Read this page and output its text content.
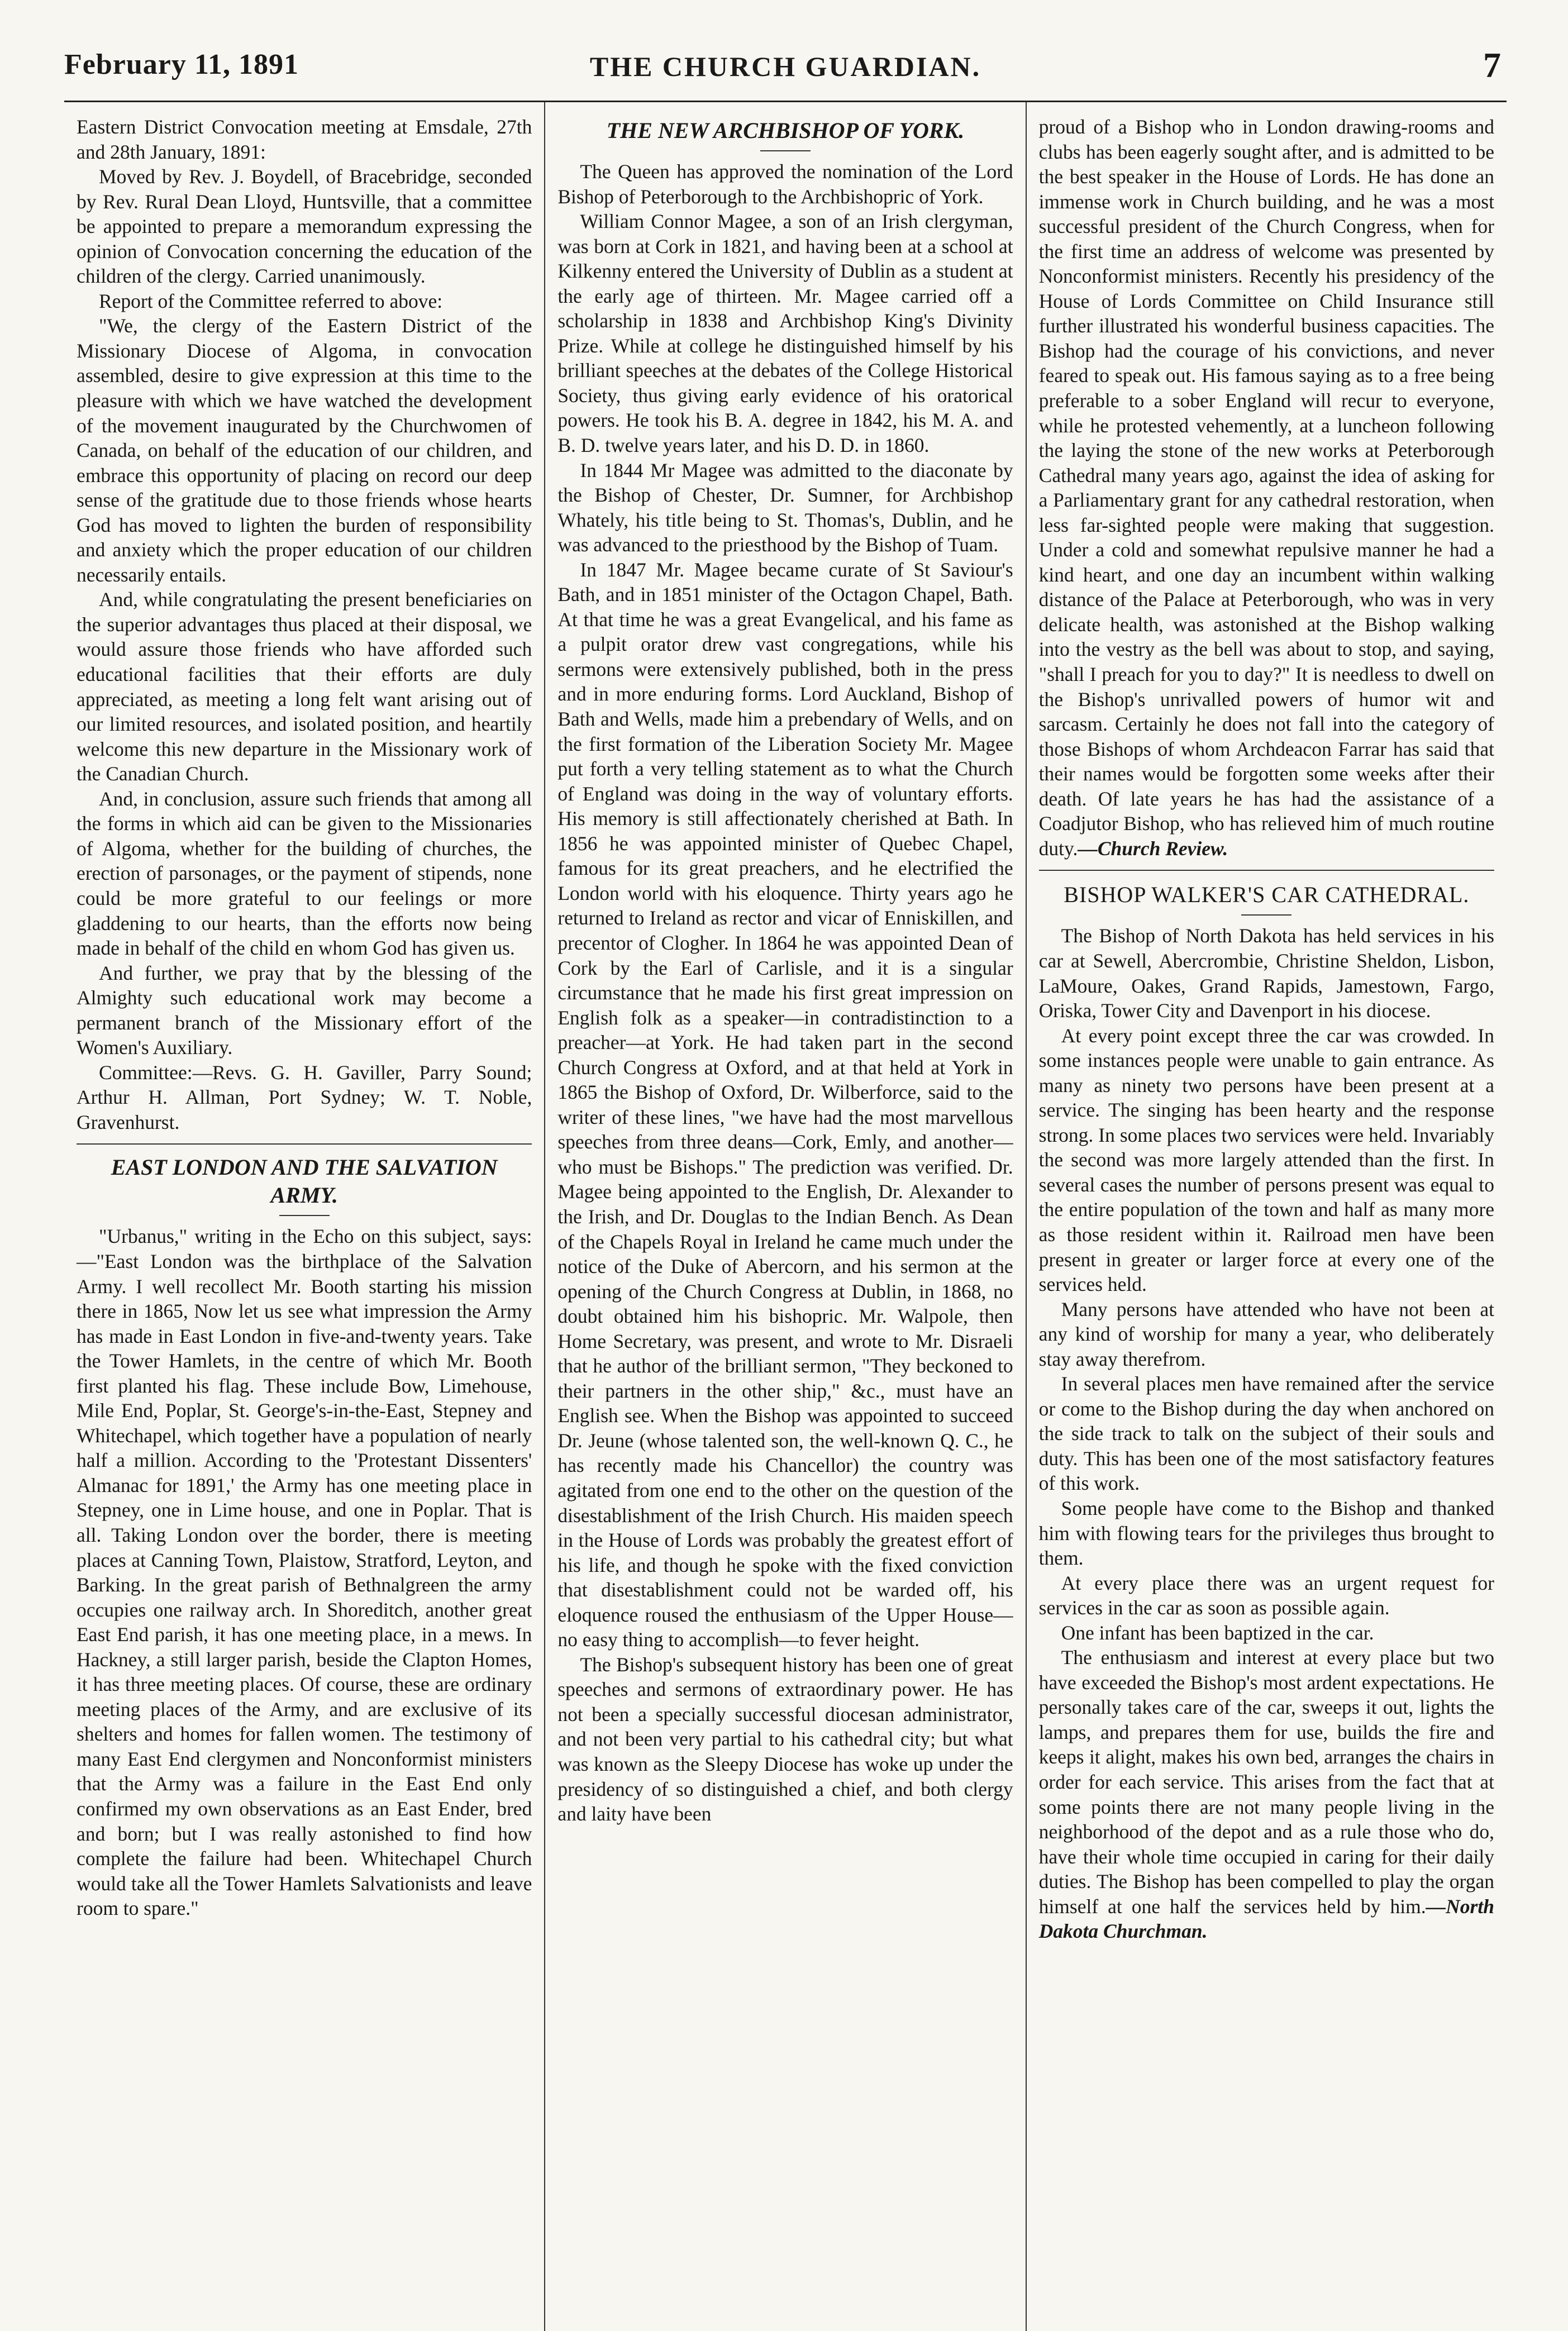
February 11, 1891	THE CHURCH GUARDIAN.	7

Eastern District Convocation meeting at Emsdale, 27th and 28th January, 1891:

Moved by Rev. J. Boydell, of Bracebridge, seconded by Rev. Rural Dean Lloyd, Huntsville, that a committee be appointed to prepare a memorandum expressing the opinion of Convocation concerning the education of the children of the clergy. Carried unanimously.

Report of the Committee referred to above:

"We, the clergy of the Eastern District of the Missionary Diocese of Algoma, in convocation assembled, desire to give expression at this time to the pleasure with which we have watched the development of the movement inaugurated by the Churchwomen of Canada, on behalf of the education of our children, and embrace this opportunity of placing on record our deep sense of the gratitude due to those friends whose hearts God has moved to lighten the burden of responsibility and anxiety which the proper education of our children necessarily entails.

And, while congratulating the present beneficiaries on the superior advantages thus placed at their disposal, we would assure those friends who have afforded such educational facilities that their efforts are duly appreciated, as meeting a long felt want arising out of our limited resources, and isolated position, and heartily welcome this new departure in the Missionary work of the Canadian Church.

And, in conclusion, assure such friends that among all the forms in which aid can be given to the Missionaries of Algoma, whether for the building of churches, the erection of parsonages, or the payment of stipends, none could be more grateful to our feelings or more gladdening to our hearts, than the efforts now being made in behalf of the child en whom God has given us.

And further, we pray that by the blessing of the Almighty such educational work may become a permanent branch of the Missionary effort of the Women's Auxiliary.

Committee:—Revs. G. H. Gaviller, Parry Sound; Arthur H. Allman, Port Sydney; W. T. Noble, Gravenhurst.

EAST LONDON AND THE SALVATION ARMY.

"Urbanus," writing in the Echo on this subject, says:—"East London was the birthplace of the Salvation Army. I well recollect Mr. Booth starting his mission there in 1865, Now let us see what impression the Army has made in East London in five-and-twenty years. Take the Tower Hamlets, in the centre of which Mr. Booth first planted his flag. These include Bow, Limehouse, Mile End, Poplar, St. George's-in-the-East, Stepney and Whitechapel, which together have a population of nearly half a million. According to the 'Protestant Dissenters' Almanac for 1891,' the Army has one meeting place in Stepney, one in Lime house, and one in Poplar. That is all. Taking London over the border, there is meeting places at Canning Town, Plaistow, Stratford, Leyton, and Barking. In the great parish of Bethnalgreen the army occupies one railway arch. In Shoreditch, another great East End parish, it has one meeting place, in a mews. In Hackney, a still larger parish, beside the Clapton Homes, it has three meeting places. Of course, these are ordinary meeting places of the Army, and are exclusive of its shelters and homes for fallen women. The testimony of many East End clergymen and Nonconformist ministers that the Army was a failure in the East End only confirmed my own observations as an East Ender, bred and born; but I was really astonished to find how complete the failure had been. Whitechapel Church would take all the Tower Hamlets Salvationists and leave room to spare."

THE NEW ARCHBISHOP OF YORK.

The Queen has approved the nomination of the Lord Bishop of Peterborough to the Archbishopric of York.

William Connor Magee, a son of an Irish clergyman, was born at Cork in 1821, and having been at a school at Kilkenny entered the University of Dublin as a student at the early age of thirteen. Mr. Magee carried off a scholarship in 1838 and Archbishop King's Divinity Prize. While at college he distinguished himself by his brilliant speeches at the debates of the College Historical Society, thus giving early evidence of his oratorical powers. He took his B. A. degree in 1842, his M. A. and B. D. twelve years later, and his D. D. in 1860.

In 1844 Mr Magee was admitted to the diaconate by the Bishop of Chester, Dr. Sumner, for Archbishop Whately, his title being to St. Thomas's, Dublin, and he was advanced to the priesthood by the Bishop of Tuam.

In 1847 Mr. Magee became curate of St Saviour's Bath, and in 1851 minister of the Octagon Chapel, Bath. At that time he was a great Evangelical, and his fame as a pulpit orator drew vast congregations, while his sermons were extensively published, both in the press and in more enduring forms. Lord Auckland, Bishop of Bath and Wells, made him a prebendary of Wells, and on the first formation of the Liberation Society Mr. Magee put forth a very telling statement as to what the Church of England was doing in the way of voluntary efforts. His memory is still affectionately cherished at Bath. In 1856 he was appointed minister of Quebec Chapel, famous for its great preachers, and he electrified the London world with his eloquence. Thirty years ago he returned to Ireland as rector and vicar of Enniskillen, and precentor of Clogher. In 1864 he was appointed Dean of Cork by the Earl of Carlisle, and it is a singular circumstance that he made his first great impression on English folk as a speaker—in contradistinction to a preacher—at York. He had taken part in the second Church Congress at Oxford, and at that held at York in 1865 the Bishop of Oxford, Dr. Wilberforce, said to the writer of these lines, "we have had the most marvellous speeches from three deans—Cork, Emly, and another—who must be Bishops." The prediction was verified. Dr. Magee being appointed to the English, Dr. Alexander to the Irish, and Dr. Douglas to the Indian Bench. As Dean of the Chapels Royal in Ireland he came much under the notice of the Duke of Abercorn, and his sermon at the opening of the Church Congress at Dublin, in 1868, no doubt obtained him his bishopric. Mr. Walpole, then Home Secretary, was present, and wrote to Mr. Disraeli that he author of the brilliant sermon, "They beckoned to their partners in the other ship," &c., must have an English see. When the Bishop was appointed to succeed Dr. Jeune (whose talented son, the well-known Q. C., he has recently made his Chancellor) the country was agitated from one end to the other on the question of the disestablishment of the Irish Church. His maiden speech in the House of Lords was probably the greatest effort of his life, and though he spoke with the fixed conviction that disestablishment could not be warded off, his eloquence roused the enthusiasm of the Upper House—no easy thing to accomplish—to fever height.

The Bishop's subsequent history has been one of great speeches and sermons of extraordinary power. He has not been a specially successful diocesan administrator, and not been very partial to his cathedral city; but what was known as the Sleepy Diocese has woke up under the presidency of so distinguished a chief, and both clergy and laity have been

proud of a Bishop who in London drawing-rooms and clubs has been eagerly sought after, and is admitted to be the best speaker in the House of Lords. He has done an immense work in Church building, and he was a most successful president of the Church Congress, when for the first time an address of welcome was presented by Nonconformist ministers. Recently his presidency of the House of Lords Committee on Child Insurance still further illustrated his wonderful business capacities. The Bishop had the courage of his convictions, and never feared to speak out. His famous saying as to a free being preferable to a sober England will recur to everyone, while he protested vehemently, at a luncheon following the laying the stone of the new works at Peterborough Cathedral many years ago, against the idea of asking for a Parliamentary grant for any cathedral restoration, when less far-sighted people were making that suggestion. Under a cold and somewhat repulsive manner he had a kind heart, and one day an incumbent within walking distance of the Palace at Peterborough, who was in very delicate health, was astonished at the Bishop walking into the vestry as the bell was about to stop, and saying, "shall I preach for you to day?" It is needless to dwell on the Bishop's unrivalled powers of humor wit and sarcasm. Certainly he does not fall into the category of those Bishops of whom Archdeacon Farrar has said that their names would be forgotten some weeks after their death. Of late years he has had the assistance of a Coadjutor Bishop, who has relieved him of much routine duty.—Church Review.

BISHOP WALKER'S CAR CATHEDRAL.

The Bishop of North Dakota has held services in his car at Sewell, Abercrombie, Christine Sheldon, Lisbon, LaMoure, Oakes, Grand Rapids, Jamestown, Fargo, Oriska, Tower City and Davenport in his diocese.

At every point except three the car was crowded. In some instances people were unable to gain entrance. As many as ninety two persons have been present at a service. The singing has been hearty and the response strong. In some places two services were held. Invariably the second was more largely attended than the first. In several cases the number of persons present was equal to the entire population of the town and half as many more as those resident within it. Railroad men have been present in greater or larger force at every one of the services held.

Many persons have attended who have not been at any kind of worship for many a year, who deliberately stay away therefrom.

In several places men have remained after the service or come to the Bishop during the day when anchored on the side track to talk on the subject of their souls and duty. This has been one of the most satisfactory features of this work.

Some people have come to the Bishop and thanked him with flowing tears for the privileges thus brought to them.

At every place there was an urgent request for services in the car as soon as possible again.

One infant has been baptized in the car.

The enthusiasm and interest at every place but two have exceeded the Bishop's most ardent expectations. He personally takes care of the car, sweeps it out, lights the lamps, and prepares them for use, builds the fire and keeps it alight, makes his own bed, arranges the chairs in order for each service. This arises from the fact that at some points there are not many people living in the neighborhood of the depot and as a rule those who do, have their whole time occupied in caring for their daily duties. The Bishop has been compelled to play the organ himself at one half the services held by him.—North Dakota Churchman.
